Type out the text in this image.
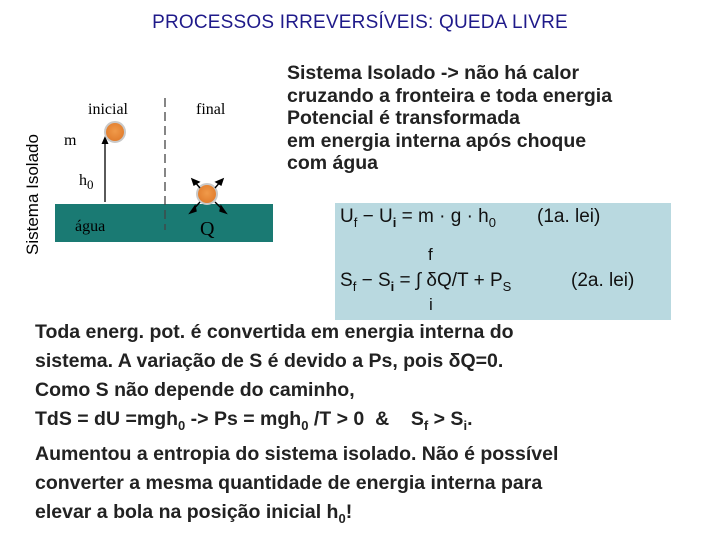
PROCESSOS IRREVERSÍVEIS: QUEDA LIVRE
Sistema Isolado
inicial	final
m
$h_0$
água	Q
Sistema Isolado -> não há calor
cruzando a fronteira e toda energia
Potencial é transformada
em energia interna após choque
com água
$U_f - U_i = m \cdot g \cdot h_0$ (1a. lei)
f
$S_f - S_i$ = ∫ $\delta Q/T + P_S$	(2a. lei)
i
Toda energ. pot. é convertida em energia interna do
sistema. A variação de S é devido a Ps, pois δQ=0.
Como S não depende do caminho,
TdS = dU =mgh$_0$ -> Ps = mgh$_0$ /T > 0  &    $S_f > S_i$.
Aumentou a entropia do sistema isolado. Não é possível
converter a mesma quantidade de energia interna para
elevar a bola na posição inicial $h_0$!
